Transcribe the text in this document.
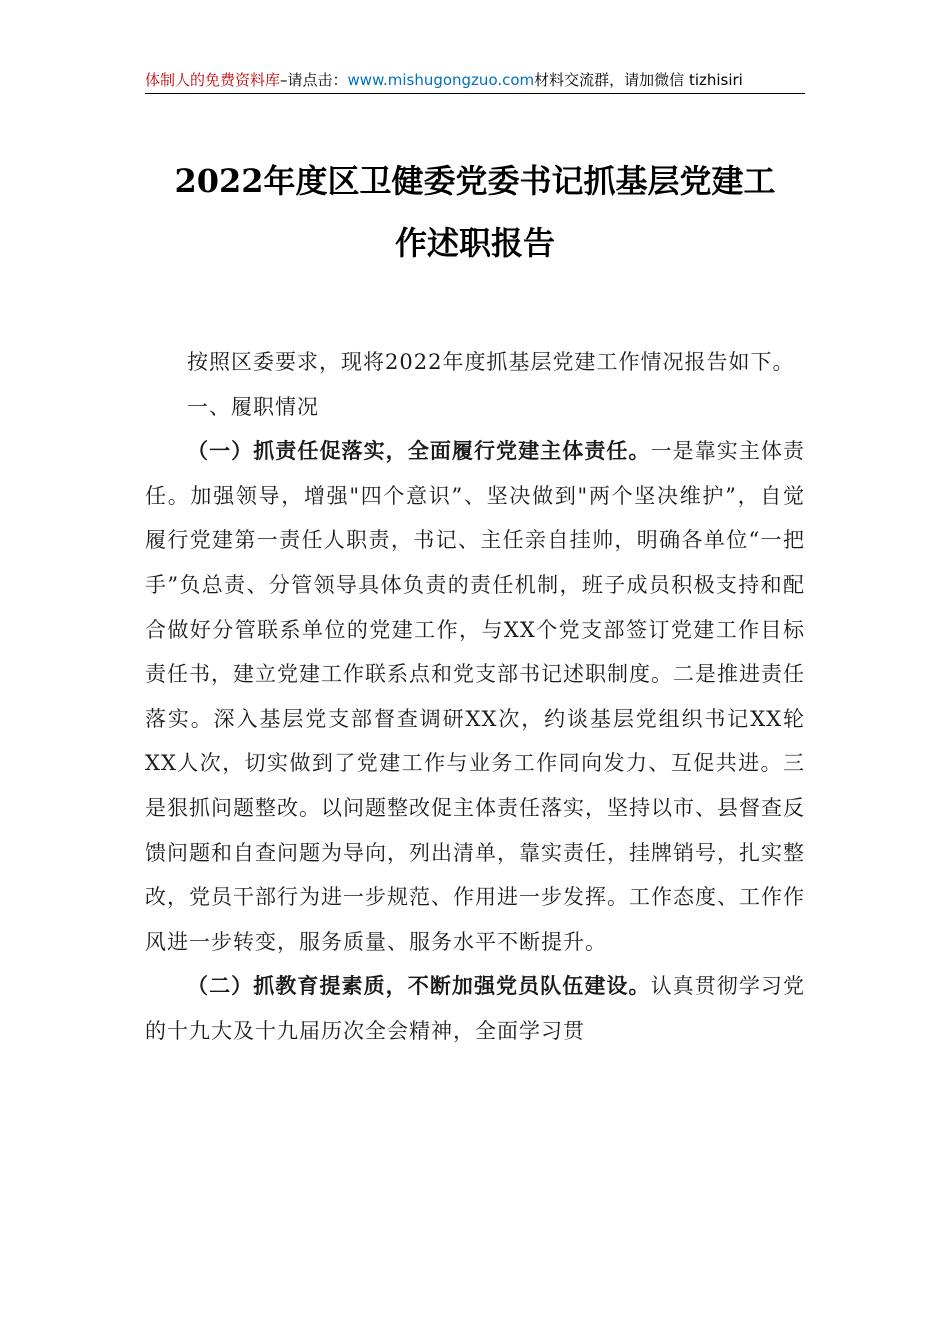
体制人的免费资料库–请点击：www.mishugongzuo.com材料交流群，请加微信 tizhisiri
2022年度区卫健委党委书记抓基层党建工
作述职报告

按照区委要求，现将2022年度抓基层党建工作情况报告如下。

一、履职情况

（一）抓责任促落实，全面履行党建主体责任。一是靠实主体责任。加强领导，增强"四个意识”、坚决做到"两个坚决维护”，自觉履行党建第一责任人职责，书记、主任亲自挂帅，明确各单位“一把手”负总责、分管领导具体负责的责任机制，班子成员积极支持和配合做好分管联系单位的党建工作，与XX个党支部签订党建工作目标责任书，建立党建工作联系点和党支部书记述职制度。二是推进责任落实。深入基层党支部督查调研XX次，约谈基层党组织书记XX轮XX人次，切实做到了党建工作与业务工作同向发力、互促共进。三是狠抓问题整改。以问题整改促主体责任落实，坚持以市、县督查反馈问题和自查问题为导向，列出清单，靠实责任，挂牌销号，扎实整改，党员干部行为进一步规范、作用进一步发挥。工作态度、工作作风进一步转变，服务质量、服务水平不断提升。

（二）抓教育提素质，不断加强党员队伍建设。认真贯彻学习党的十九大及十九届历次全会精神，全面学习贯
